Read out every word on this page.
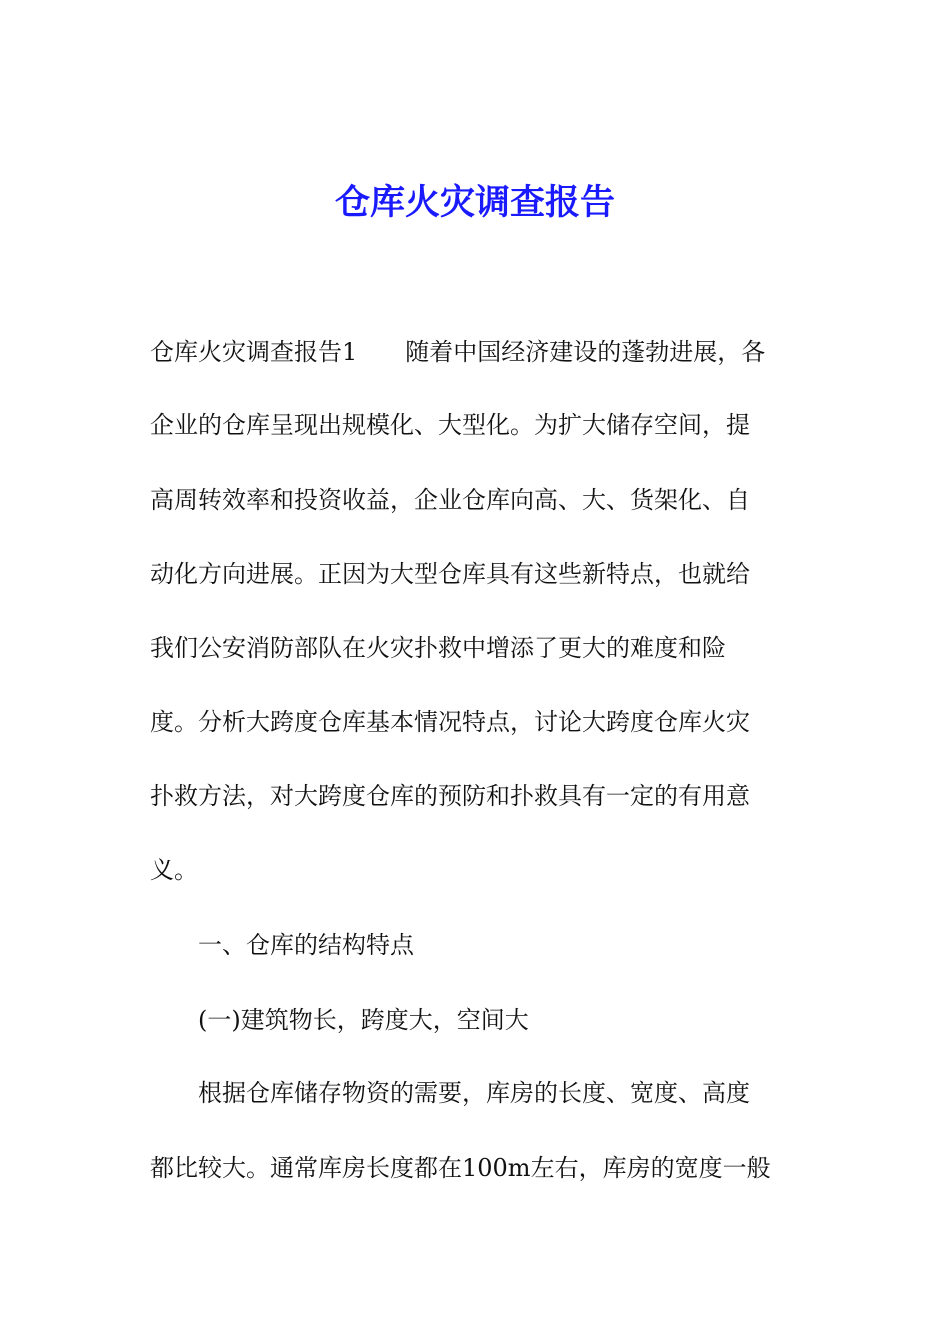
仓库火灾调查报告

仓库火灾调查报告1　　随着中国经济建设的蓬勃进展，各

企业的仓库呈现出规模化、大型化。为扩大储存空间，提

高周转效率和投资收益，企业仓库向高、大、货架化、自

动化方向进展。正因为大型仓库具有这些新特点，也就给

我们公安消防部队在火灾扑救中增添了更大的难度和险

度。分析大跨度仓库基本情况特点，讨论大跨度仓库火灾

扑救方法，对大跨度仓库的预防和扑救具有一定的有用意

义。

　　一、仓库的结构特点

　　(一)建筑物长，跨度大，空间大

　　根据仓库储存物资的需要，库房的长度、宽度、高度

都比较大。通常库房长度都在100m左右，库房的宽度一般
